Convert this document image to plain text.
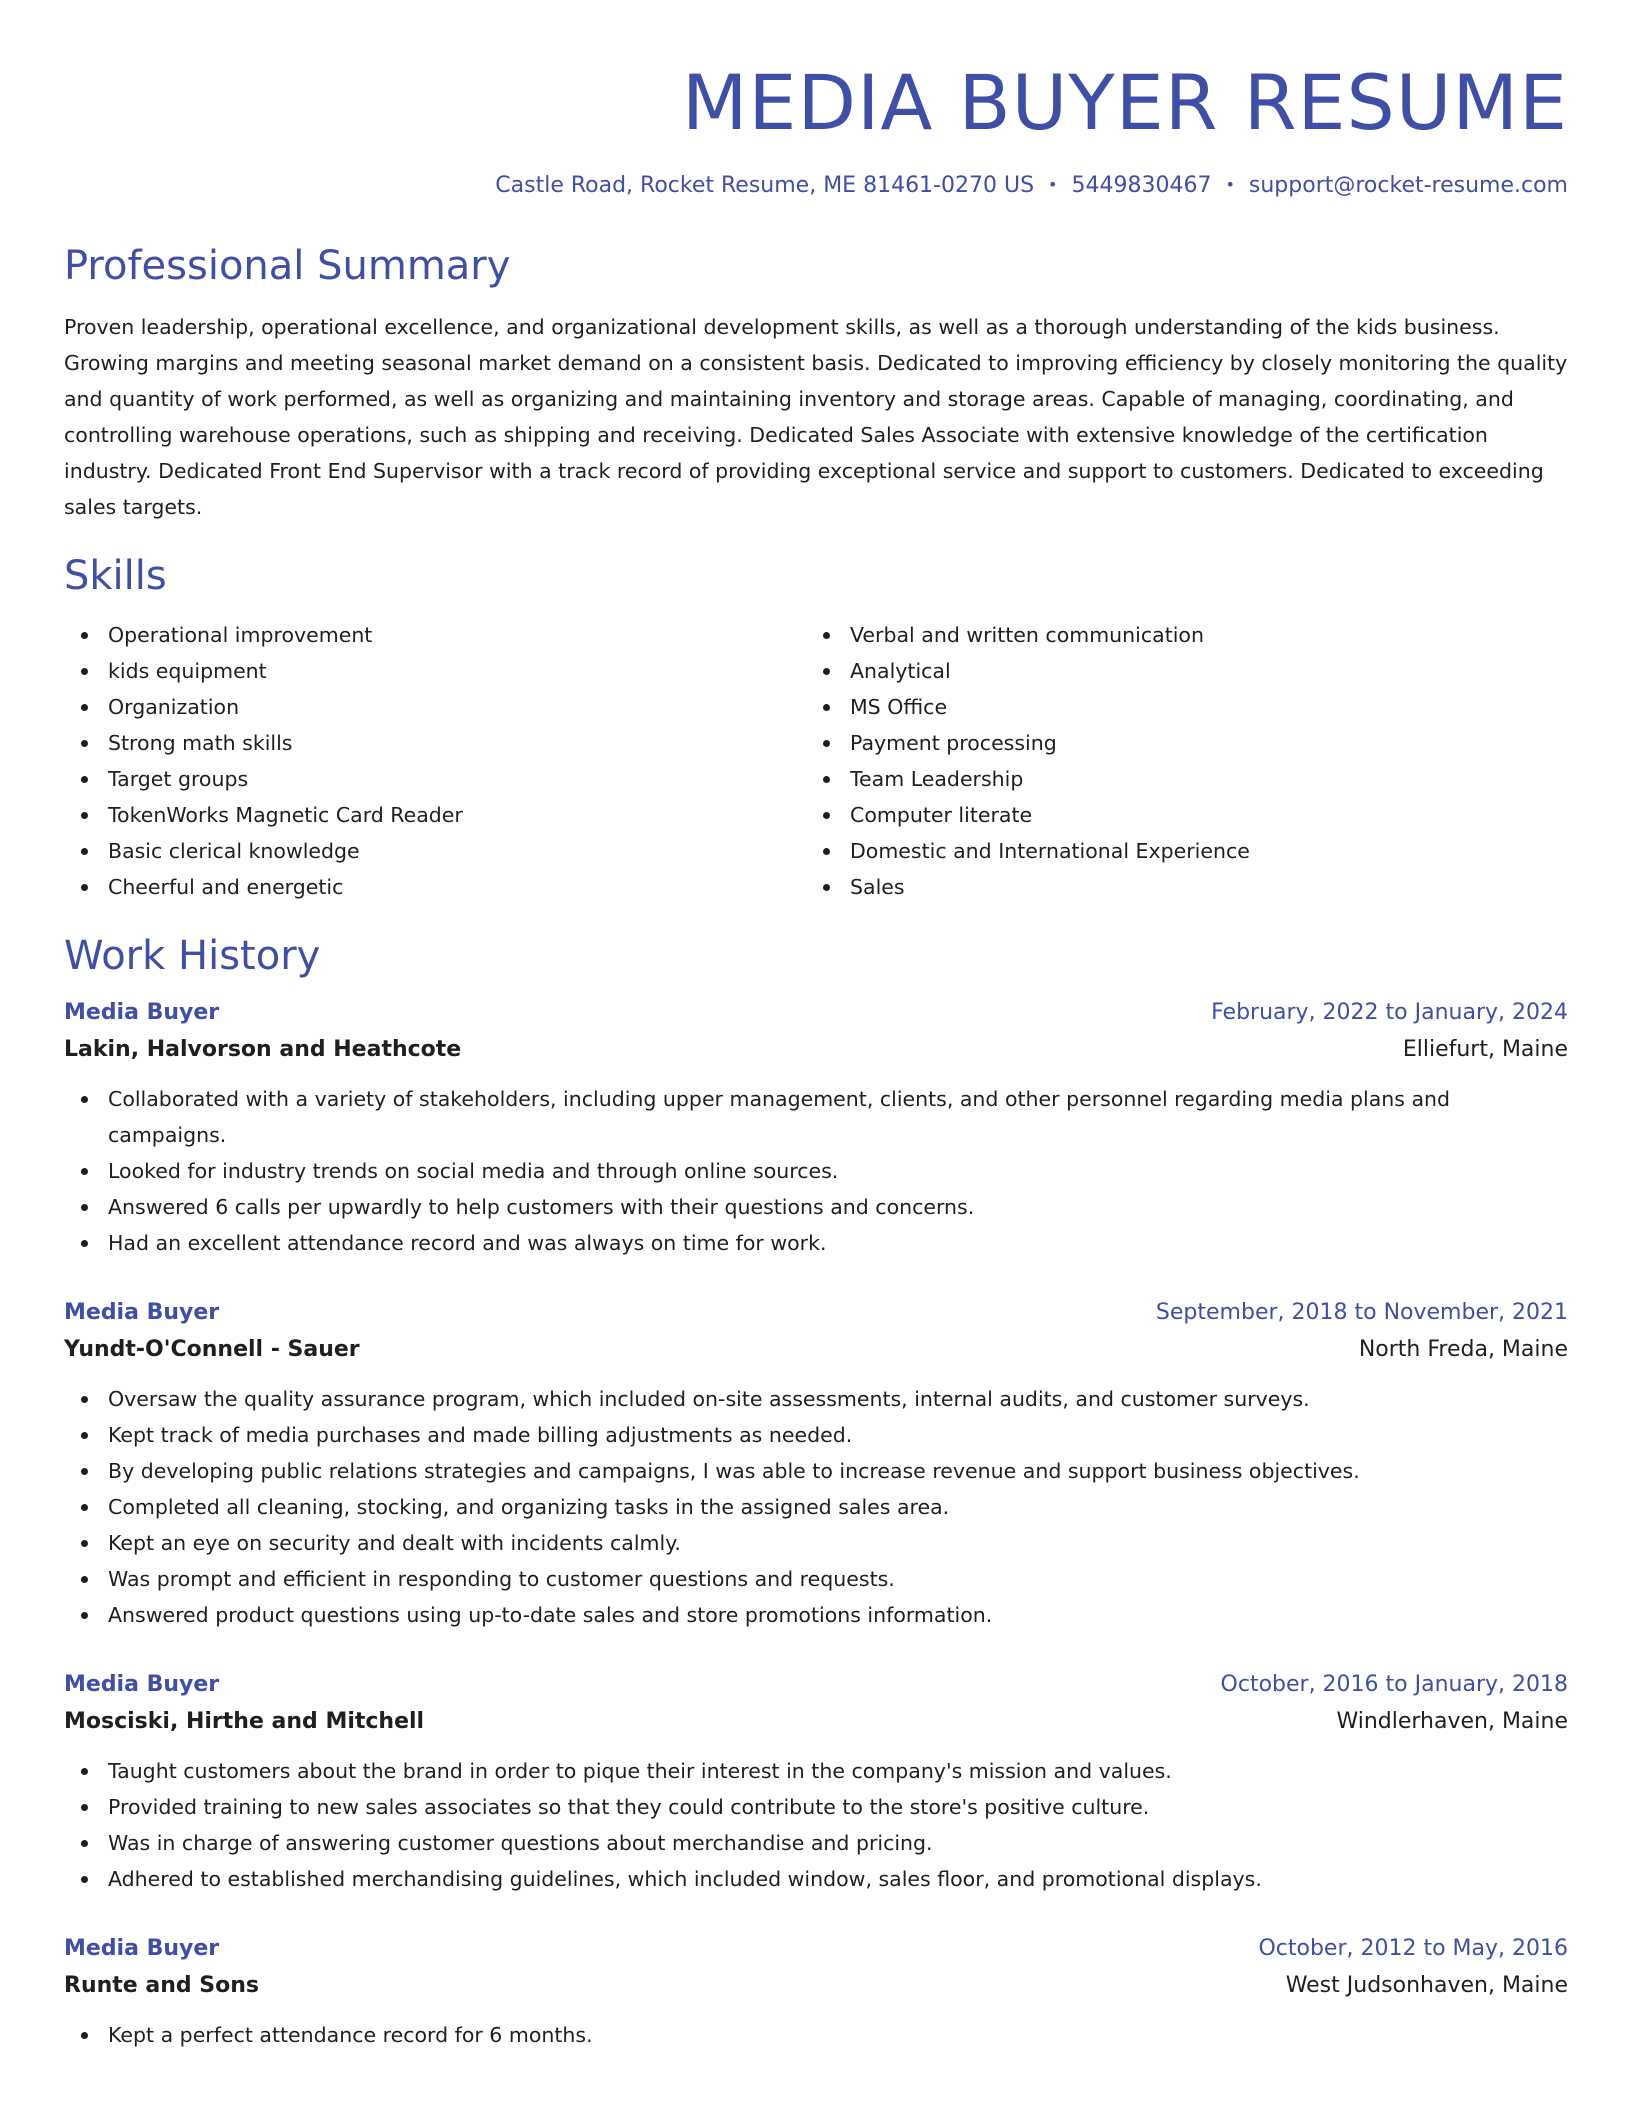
MEDIA BUYER RESUME
Castle Road, Rocket Resume, ME 81461-0270 US • 5449830467 • support@rocket-resume.com
Professional Summary

Proven leadership, operational excellence, and organizational development skills, as well as a thorough understanding of the kids business. Growing margins and meeting seasonal market demand on a consistent basis. Dedicated to improving efficiency by closely monitoring the quality and quantity of work performed, as well as organizing and maintaining inventory and storage areas. Capable of managing, coordinating, and controlling warehouse operations, such as shipping and receiving. Dedicated Sales Associate with extensive knowledge of the certification industry. Dedicated Front End Supervisor with a track record of providing exceptional service and support to customers. Dedicated to exceeding sales targets.

Skills
Operational improvement
kids equipment
Organization
Strong math skills
Target groups
TokenWorks Magnetic Card Reader
Basic clerical knowledge
Cheerful and energetic
Verbal and written communication
Analytical
MS Office
Payment processing
Team Leadership
Computer literate
Domestic and International Experience
Sales
Work History
Media Buyer	February, 2022 to January, 2024
Lakin, Halvorson and Heathcote	Elliefurt, Maine
Collaborated with a variety of stakeholders, including upper management, clients, and other personnel regarding media plans and campaigns.
Looked for industry trends on social media and through online sources.
Answered 6 calls per upwardly to help customers with their questions and concerns.
Had an excellent attendance record and was always on time for work.
Media Buyer	September, 2018 to November, 2021
Yundt-O'Connell - Sauer	North Freda, Maine
Oversaw the quality assurance program, which included on-site assessments, internal audits, and customer surveys.
Kept track of media purchases and made billing adjustments as needed.
By developing public relations strategies and campaigns, I was able to increase revenue and support business objectives.
Completed all cleaning, stocking, and organizing tasks in the assigned sales area.
Kept an eye on security and dealt with incidents calmly.
Was prompt and efficient in responding to customer questions and requests.
Answered product questions using up-to-date sales and store promotions information.
Media Buyer	October, 2016 to January, 2018
Mosciski, Hirthe and Mitchell	Windlerhaven, Maine
Taught customers about the brand in order to pique their interest in the company's mission and values.
Provided training to new sales associates so that they could contribute to the store's positive culture.
Was in charge of answering customer questions about merchandise and pricing.
Adhered to established merchandising guidelines, which included window, sales floor, and promotional displays.
Media Buyer	October, 2012 to May, 2016
Runte and Sons	West Judsonhaven, Maine
Kept a perfect attendance record for 6 months.
